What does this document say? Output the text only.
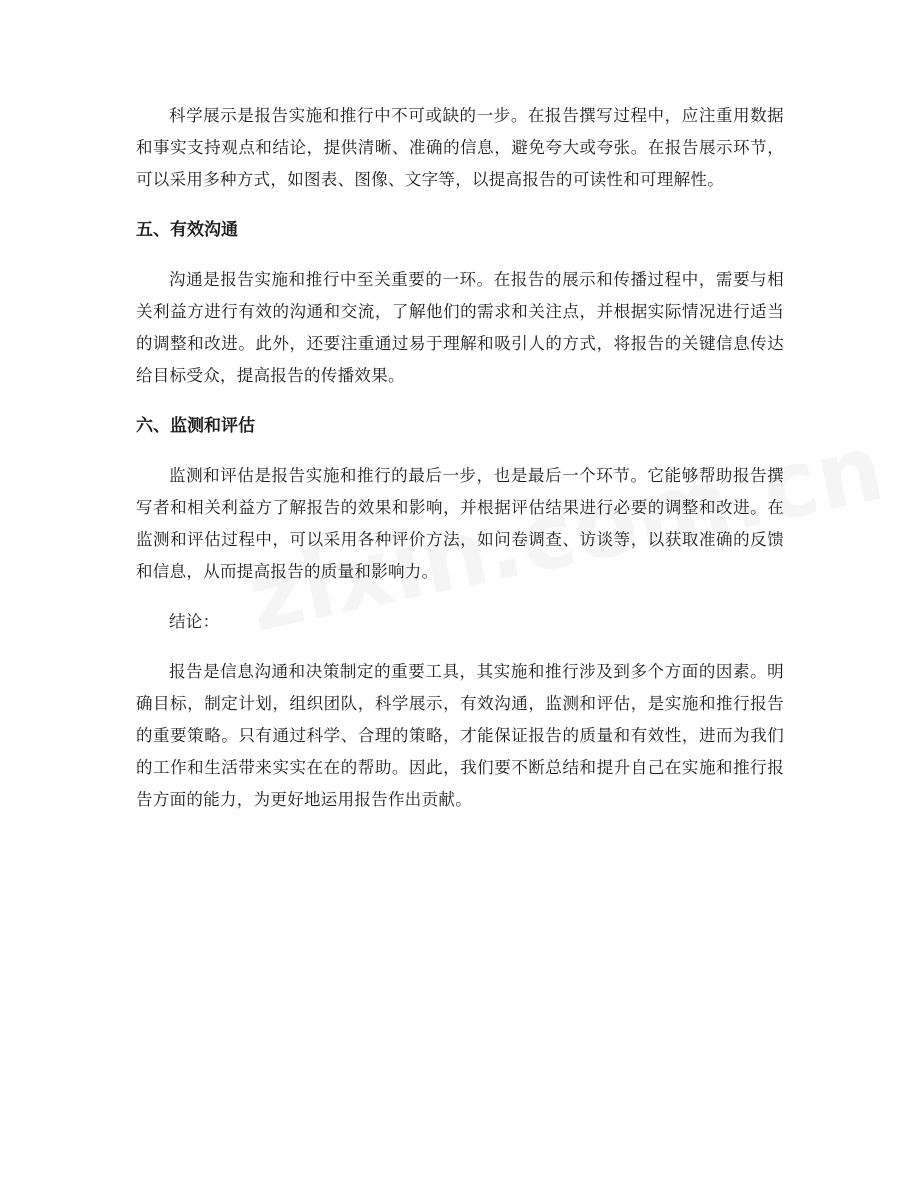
科学展示是报告实施和推行中不可或缺的一步。在报告撰写过程中，应注重用数据和事实支持观点和结论，提供清晰、准确的信息，避免夸大或夸张。在报告展示环节，可以采用多种方式，如图表、图像、文字等，以提高报告的可读性和可理解性。

五、有效沟通

沟通是报告实施和推行中至关重要的一环。在报告的展示和传播过程中，需要与相关利益方进行有效的沟通和交流，了解他们的需求和关注点，并根据实际情况进行适当的调整和改进。此外，还要注重通过易于理解和吸引人的方式，将报告的关键信息传达给目标受众，提高报告的传播效果。

六、监测和评估

监测和评估是报告实施和推行的最后一步，也是最后一个环节。它能够帮助报告撰写者和相关利益方了解报告的效果和影响，并根据评估结果进行必要的调整和改进。在监测和评估过程中，可以采用各种评价方法，如问卷调查、访谈等，以获取准确的反馈和信息，从而提高报告的质量和影响力。

结论：

报告是信息沟通和决策制定的重要工具，其实施和推行涉及到多个方面的因素。明确目标，制定计划，组织团队，科学展示，有效沟通，监测和评估，是实施和推行报告的重要策略。只有通过科学、合理的策略，才能保证报告的质量和有效性，进而为我们的工作和生活带来实实在在的帮助。因此，我们要不断总结和提升自己在实施和推行报告方面的能力，为更好地运用报告作出贡献。
